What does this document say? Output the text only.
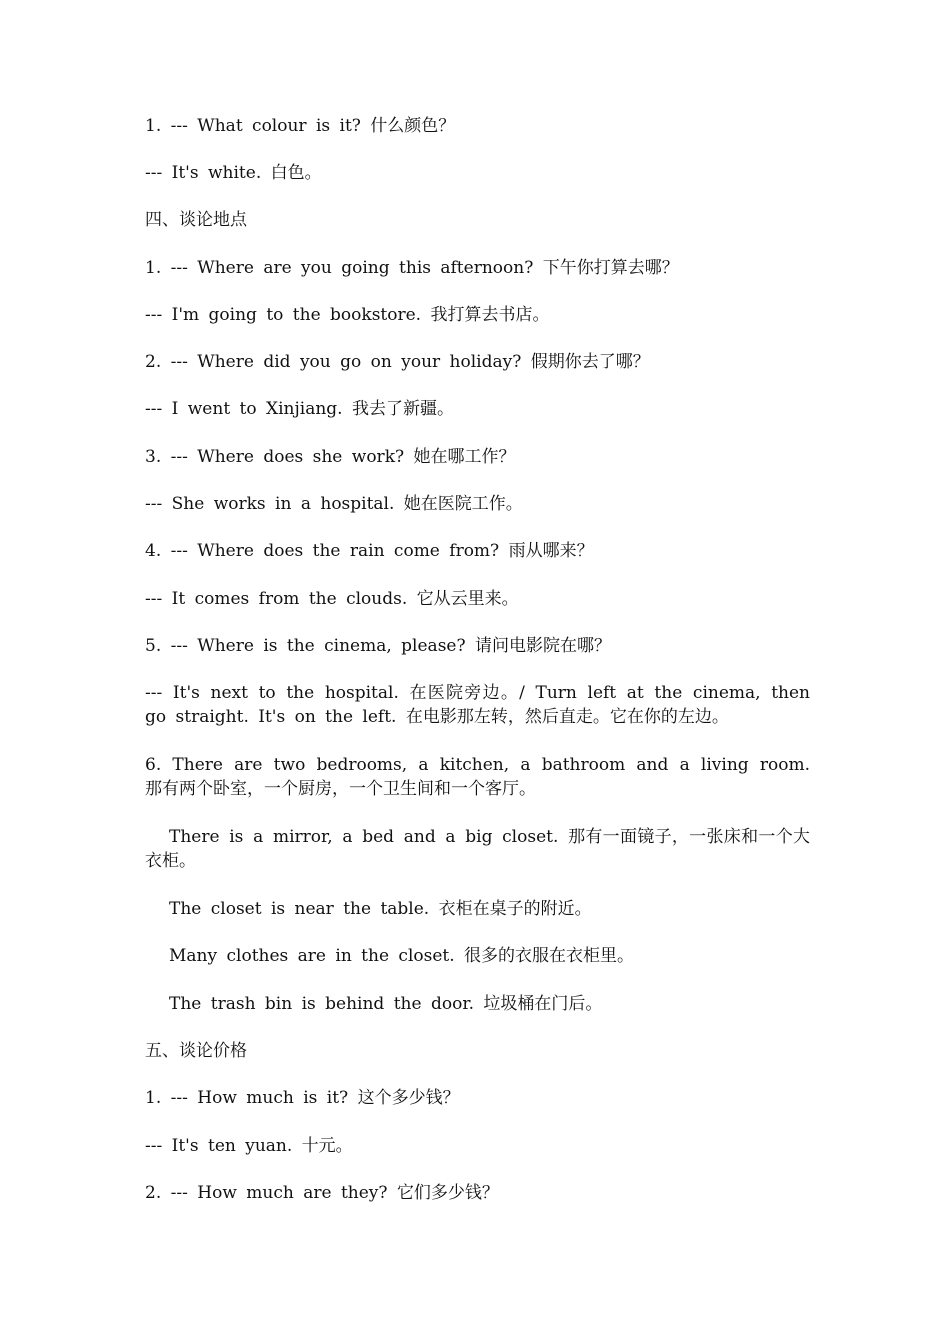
1. --- What colour is it? 什么颜色？
--- It's white. 白色。
四、谈论地点
1. --- Where are you going this afternoon? 下午你打算去哪？
--- I'm going to the bookstore. 我打算去书店。
2. --- Where did you go on your holiday? 假期你去了哪？
--- I went to Xinjiang. 我去了新疆。
3. --- Where does she work? 她在哪工作？
--- She works in a hospital. 她在医院工作。
4. --- Where does the rain come from? 雨从哪来？
--- It comes from the clouds. 它从云里来。
5. --- Where is the cinema, please? 请问电影院在哪？
--- It's next to the hospital. 在医院旁边。/ Turn left at the cinema, then go straight. It's on the left. 在电影那左转，然后直走。它在你的左边。
6. There are two bedrooms, a kitchen, a bathroom and a living room. 那有两个卧室，一个厨房，一个卫生间和一个客厅。
There is a mirror, a bed and a big closet. 那有一面镜子，一张床和一个大衣柜。
The closet is near the table. 衣柜在桌子的附近。
Many clothes are in the closet. 很多的衣服在衣柜里。
The trash bin is behind the door. 垃圾桶在门后。
五、谈论价格
1. --- How much is it? 这个多少钱？
--- It's ten yuan. 十元。
2. --- How much are they? 它们多少钱？
